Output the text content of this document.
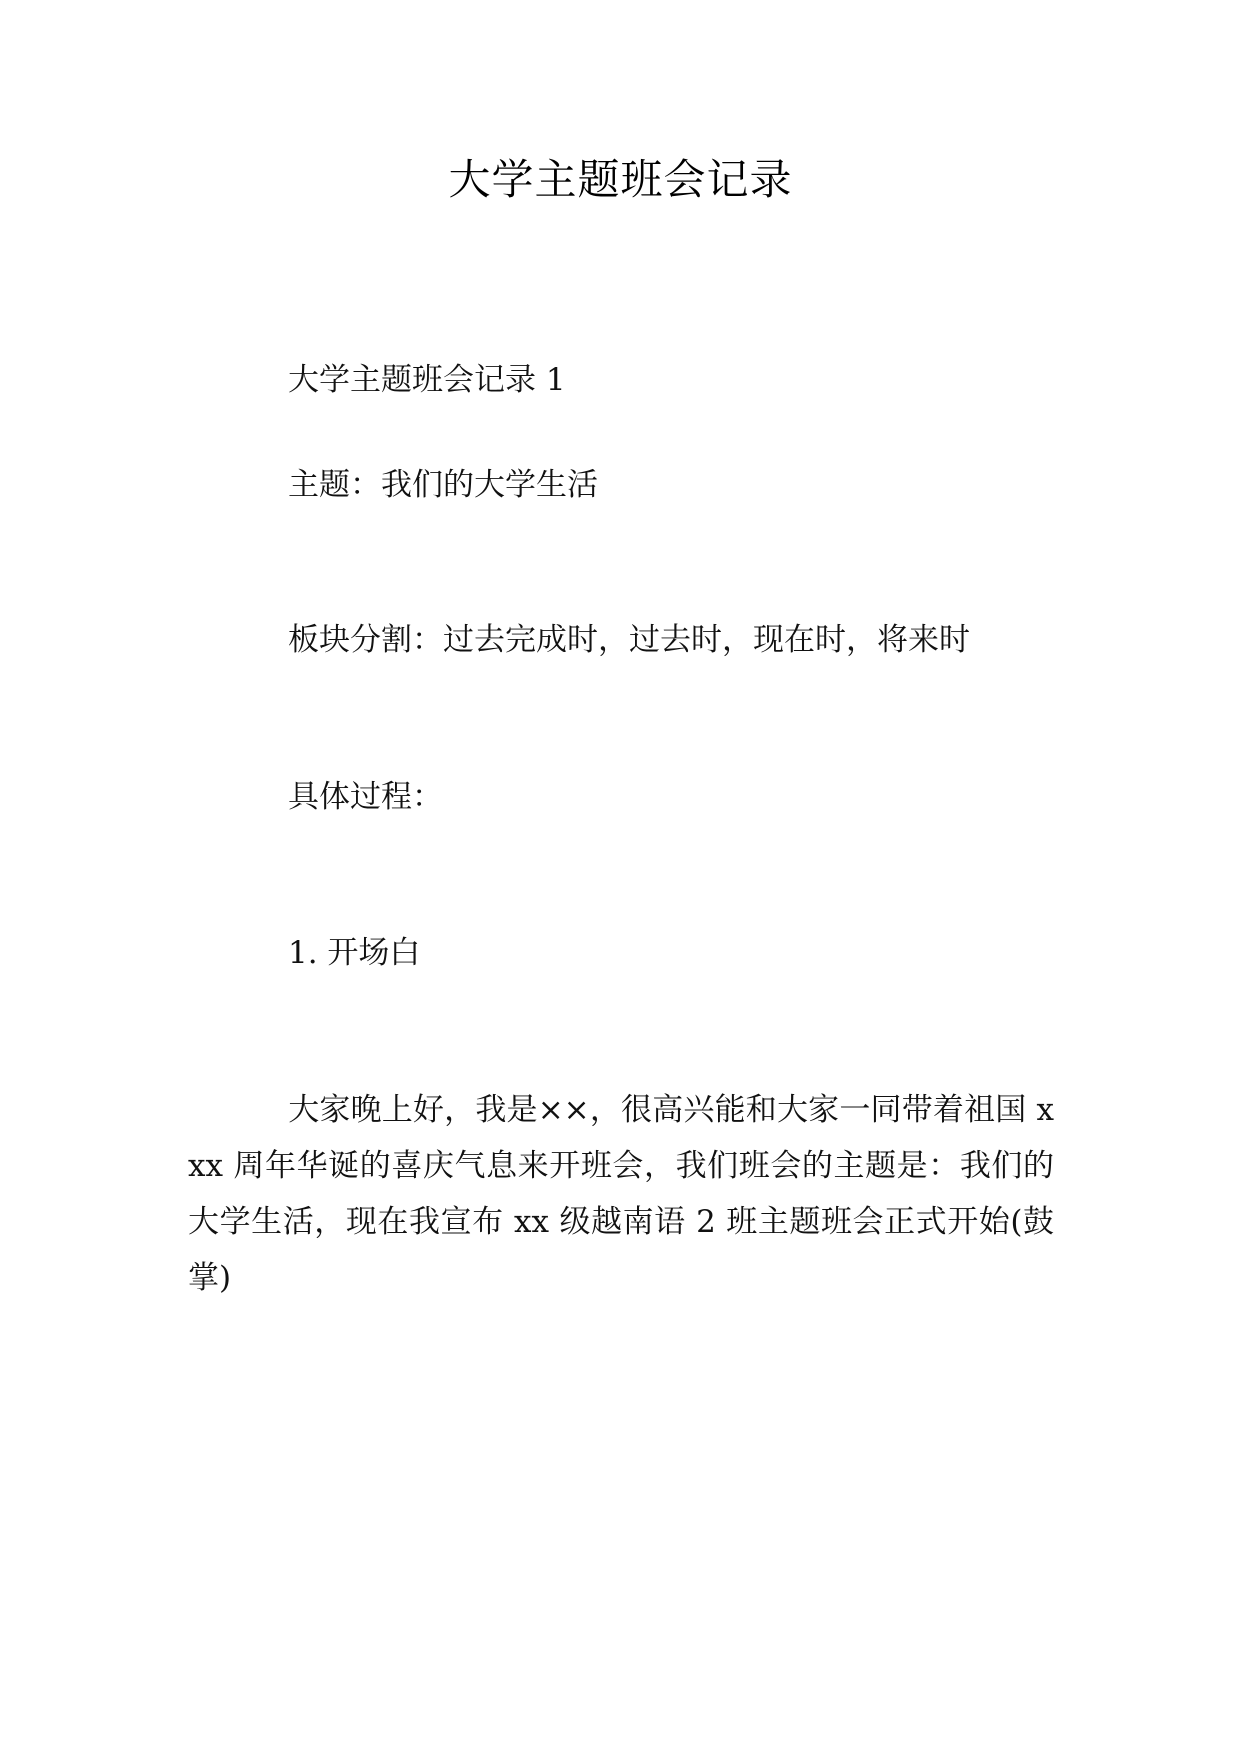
大学主题班会记录
大学主题班会记录 1
主题：我们的大学生活
板块分割：过去完成时，过去时，现在时，将来时
具体过程：
1. 开场白
大家晚上好，我是××，很高兴能和大家一同带着祖国 xxx 周年华诞的喜庆气息来开班会，我们班会的主题是：我们的大学生活，现在我宣布 xx 级越南语 2 班主题班会正式开始(鼓掌)
